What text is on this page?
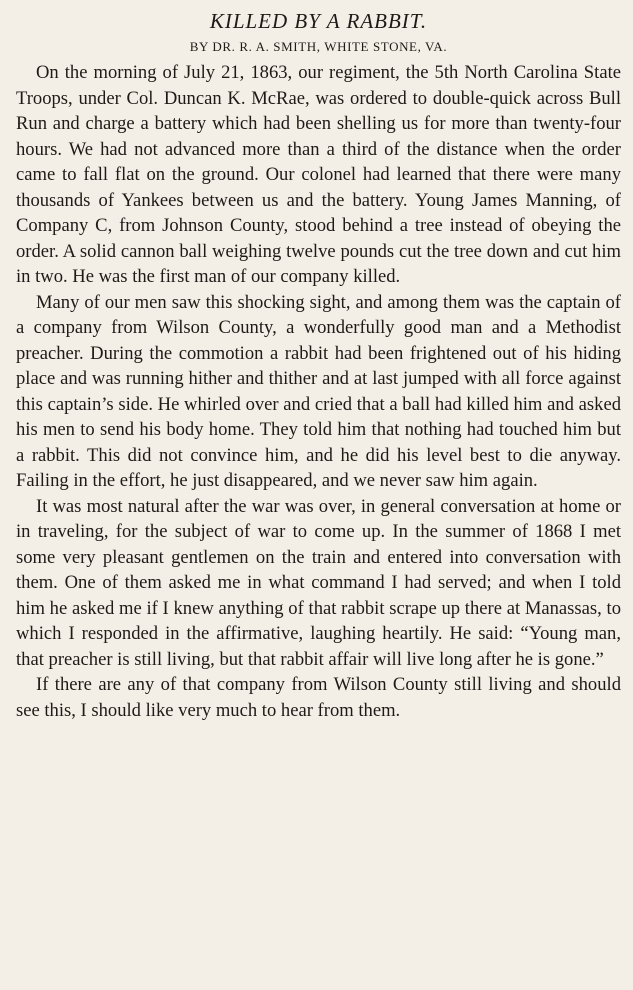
KILLED BY A RABBIT.
BY DR. R. A. SMITH, WHITE STONE, VA.

On the morning of July 21, 1863, our regiment, the 5th North Carolina State Troops, under Col. Duncan K. McRae, was ordered to double-quick across Bull Run and charge a battery which had been shelling us for more than twenty-four hours. We had not advanced more than a third of the distance when the order came to fall flat on the ground. Our colonel had learned that there were many thousands of Yankees between us and the battery. Young James Manning, of Company C, from Johnson County, stood behind a tree instead of obeying the order. A solid cannon ball weighing twelve pounds cut the tree down and cut him in two. He was the first man of our company killed.

Many of our men saw this shocking sight, and among them was the captain of a company from Wilson County, a wonderfully good man and a Methodist preacher. During the commotion a rabbit had been frightened out of his hiding place and was running hither and thither and at last jumped with all force against this captain’s side. He whirled over and cried that a ball had killed him and asked his men to send his body home. They told him that nothing had touched him but a rabbit. This did not convince him, and he did his level best to die anyway. Failing in the effort, he just disappeared, and we never saw him again.

It was most natural after the war was over, in general conversation at home or in traveling, for the subject of war to come up. In the summer of 1868 I met some very pleasant gentlemen on the train and entered into conversation with them. One of them asked me in what command I had served; and when I told him he asked me if I knew anything of that rabbit scrape up there at Manassas, to which I responded in the affirmative, laughing heartily. He said: “Young man, that preacher is still living, but that rabbit affair will live long after he is gone.”

If there are any of that company from Wilson County still living and should see this, I should like very much to hear from them.
